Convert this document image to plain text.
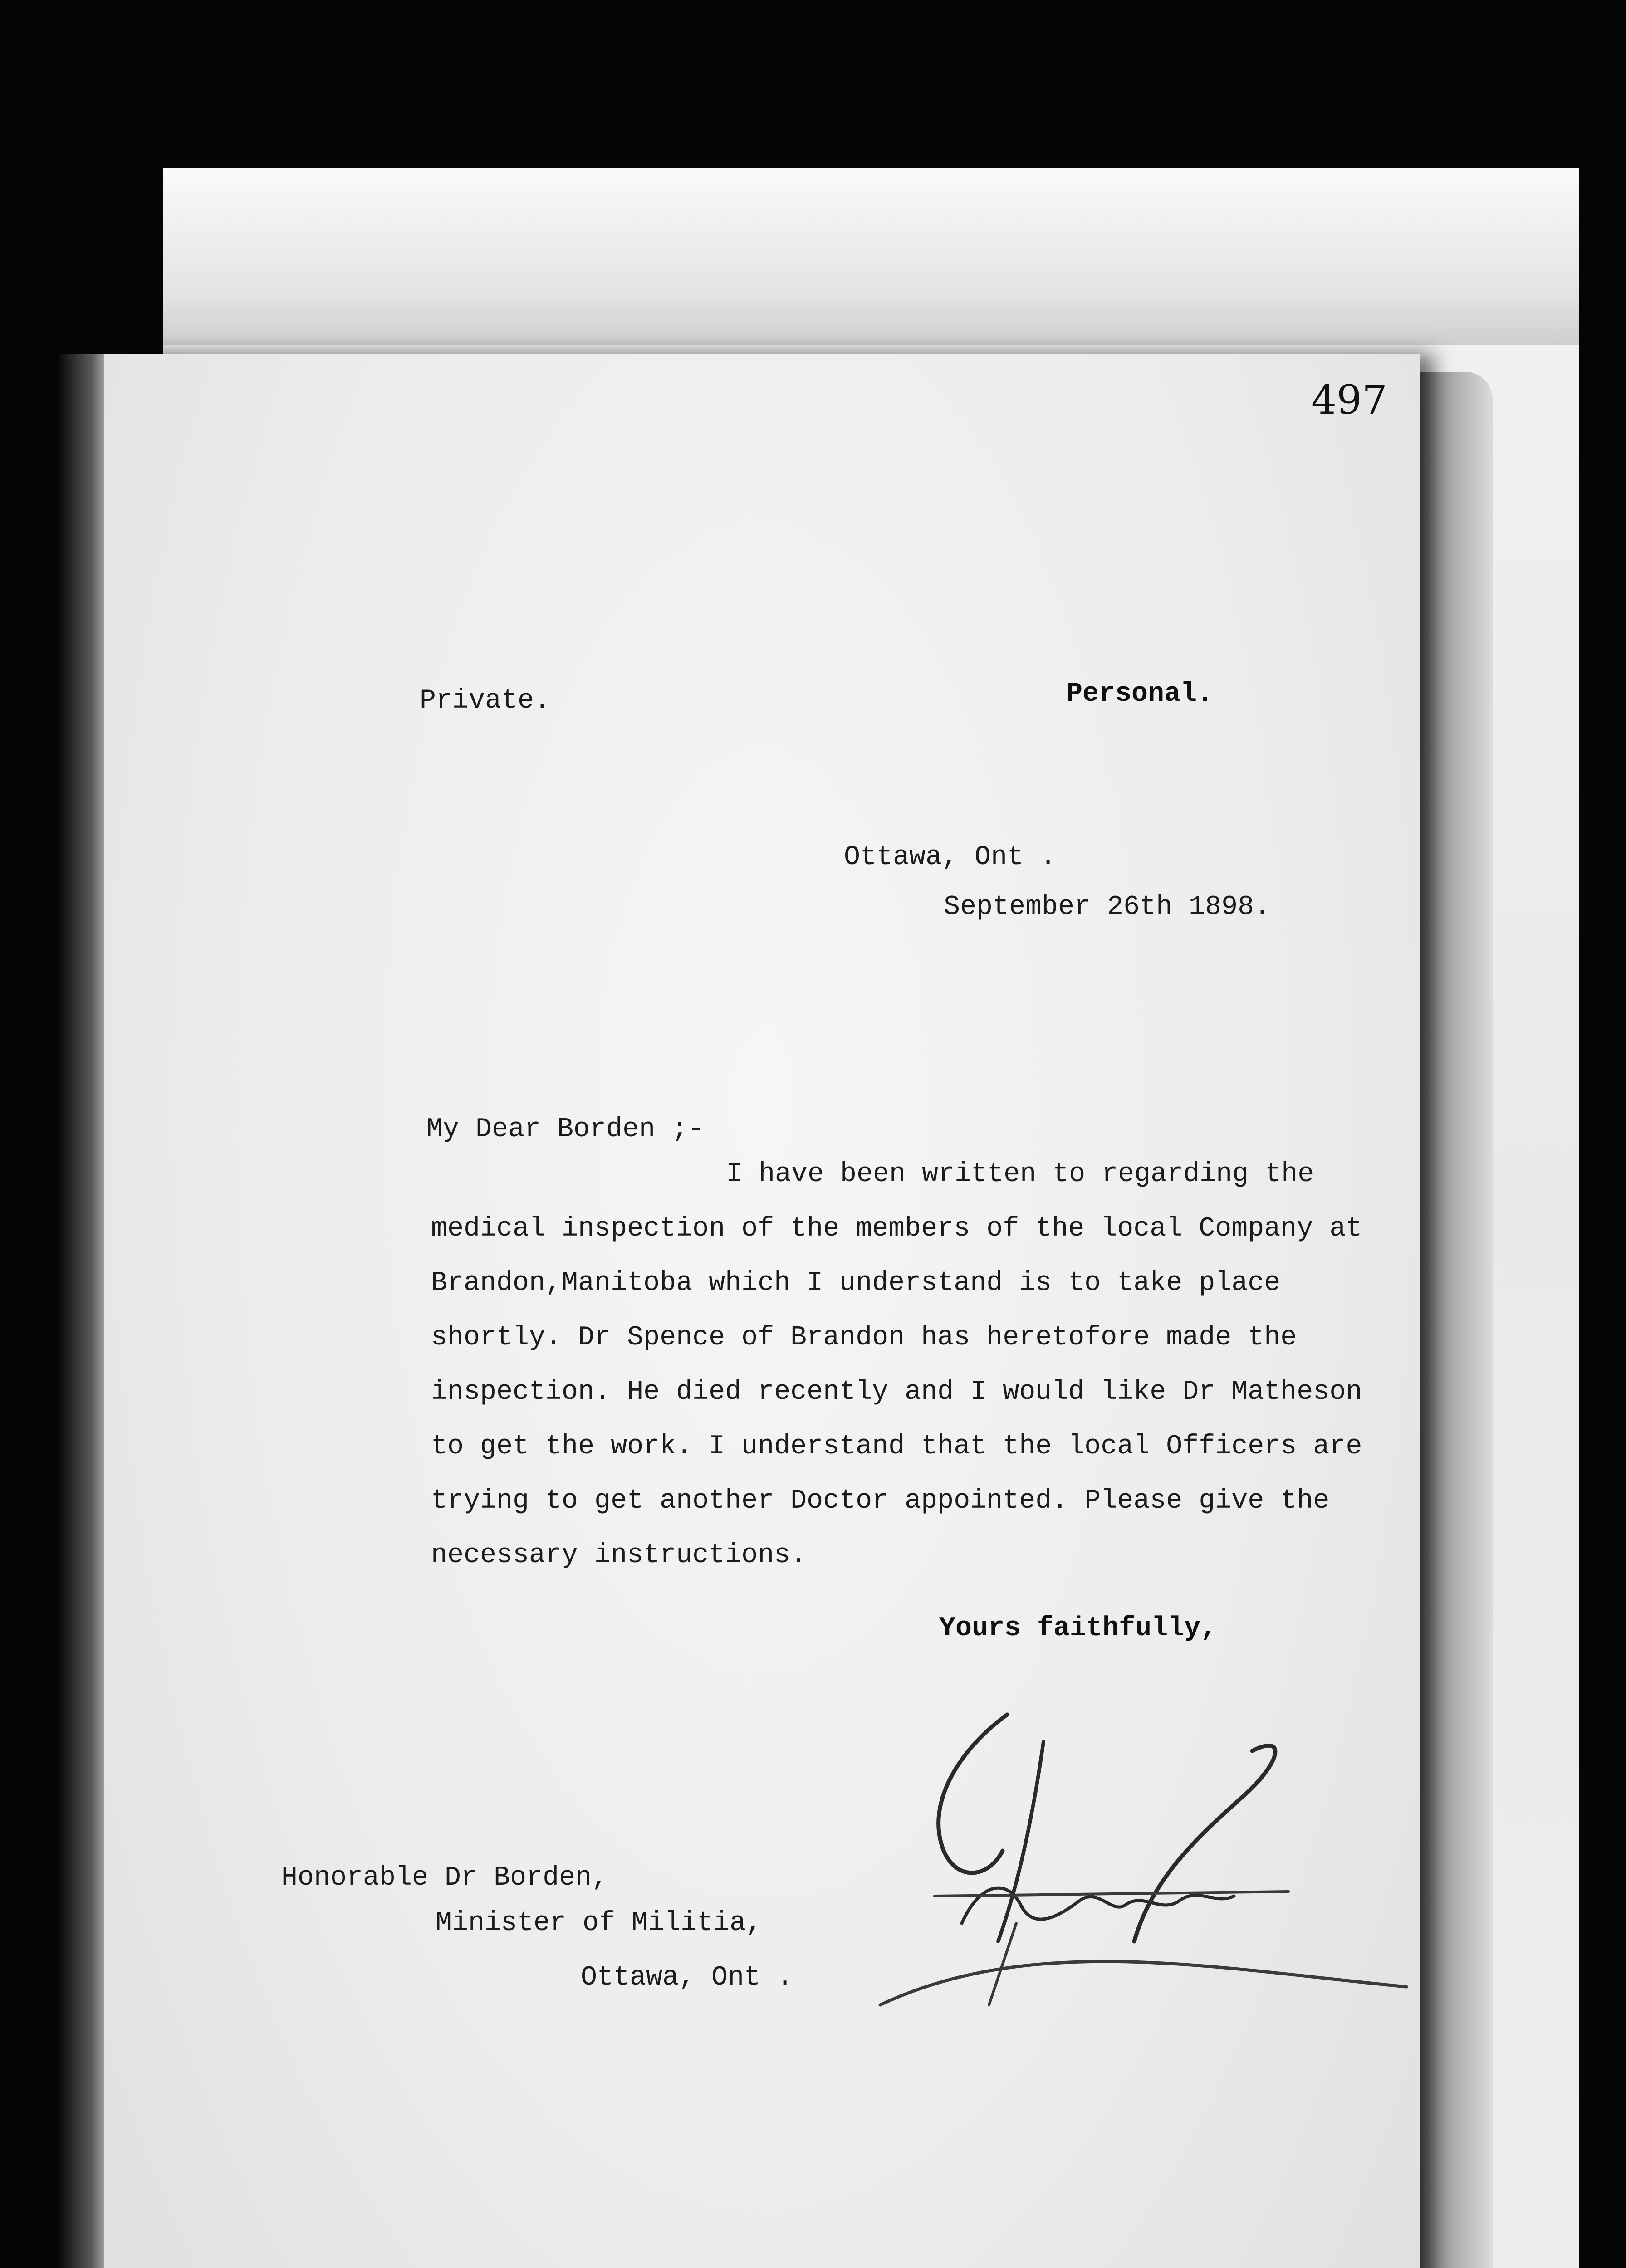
497
Private.	Personal.
Ottawa, Ont .
September 26th 1898.
My Dear Borden ;-
I have been written to regarding the
medical inspection of the members of the local Company at
Brandon,Manitoba which I understand is to take place
shortly. Dr Spence of Brandon has heretofore made the
inspection. He died recently and I would like Dr Matheson
to get the work. I understand that the local Officers are
trying to get another Doctor appointed. Please give the
necessary instructions.
Yours faithfully,
Honorable Dr Borden,
Minister of Militia,
Ottawa, Ont .
